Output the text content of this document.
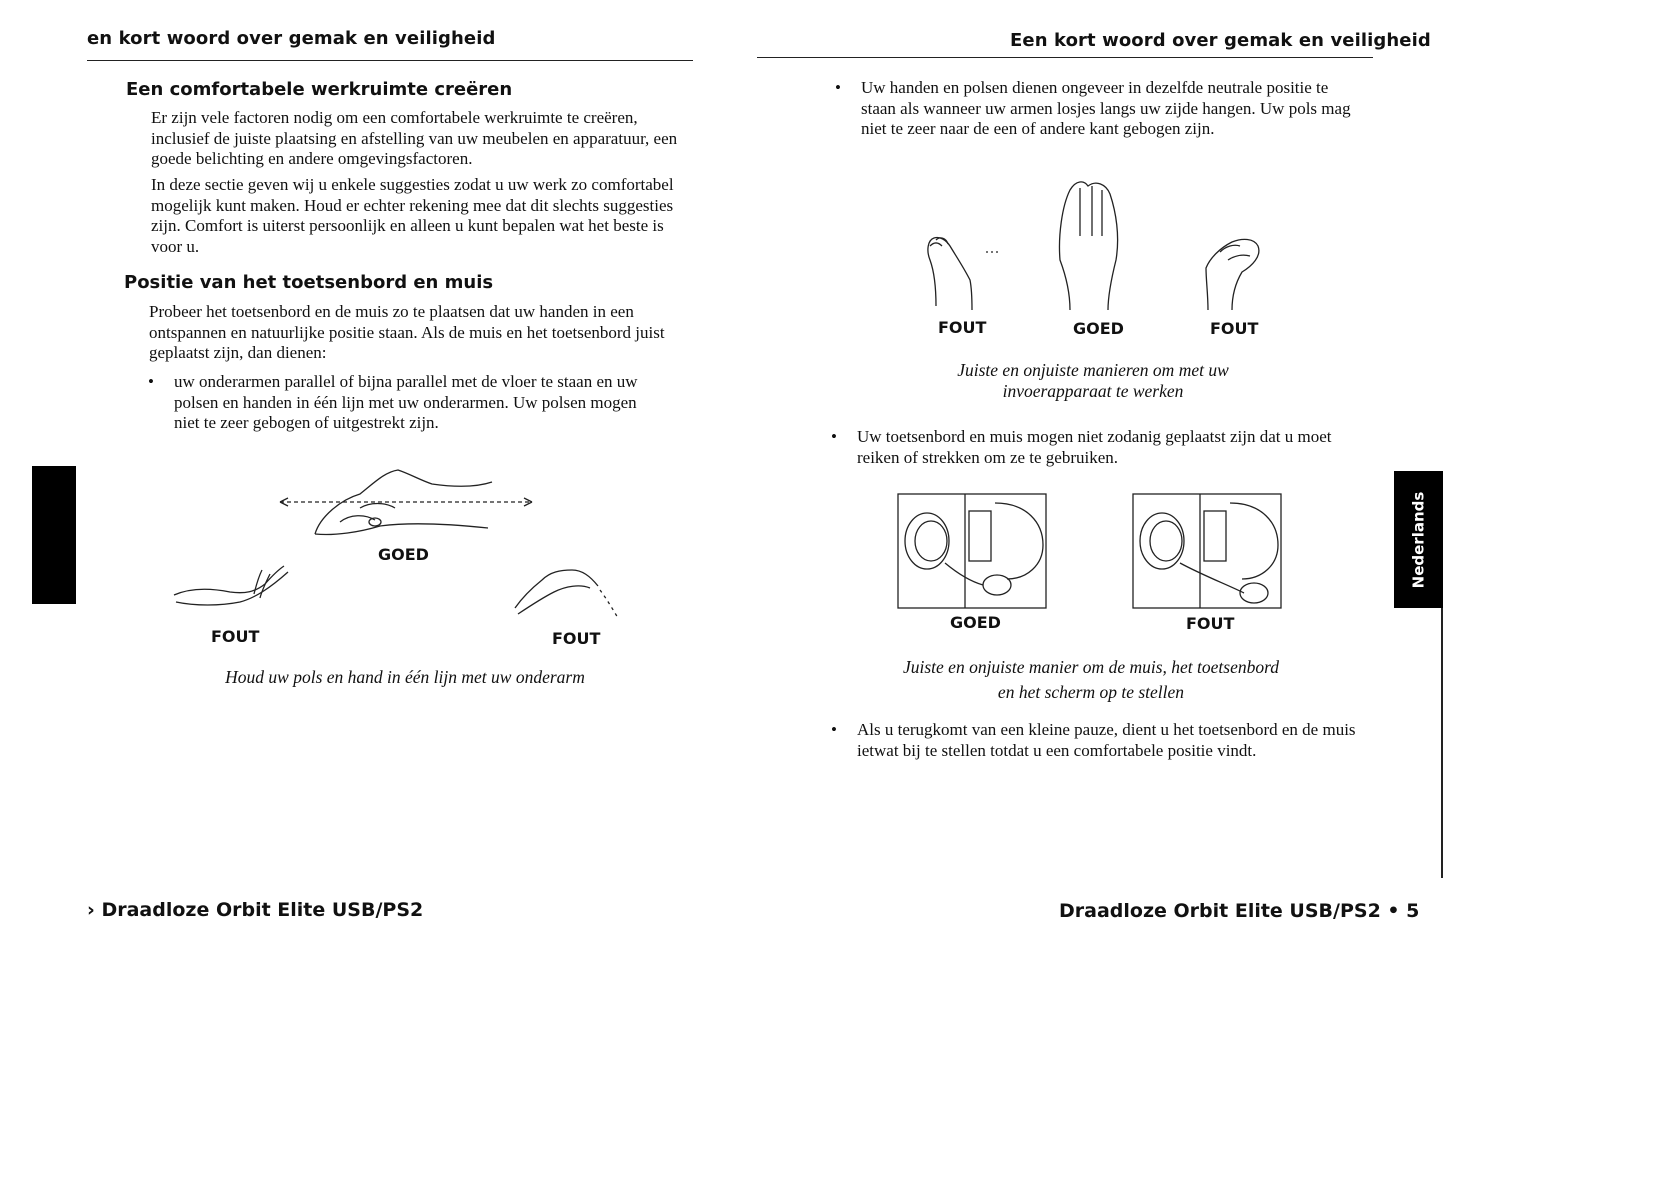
en kort woord over gemak en veiligheid
Een comfortabele werkruimte creëren
Er zijn vele factoren nodig om een comfortabele werkruimte te creëren, inclusief de juiste plaatsing en afstelling van uw meubelen en apparatuur, een goede belichting en andere omgevingsfactoren.
In deze sectie geven wij u enkele suggesties zodat u uw werk zo comfortabel mogelijk kunt maken. Houd er echter rekening mee dat dit slechts suggesties zijn. Comfort is uiterst persoonlijk en alleen u kunt bepalen wat het beste is voor u.
Positie van het toetsenbord en muis
Probeer het toetsenbord en de muis zo te plaatsen dat uw handen in een ontspannen en natuurlijke positie staan. Als de muis en het toetsenbord juist geplaatst zijn, dan dienen:
• uw onderarmen parallel of bijna parallel met de vloer te staan en uw polsen en handen in één lijn met uw onderarmen. Uw polsen mogen niet te zeer gebogen of uitgestrekt zijn.
GOED
FOUT	FOUT
Houd uw pols en hand in één lijn met uw onderarm
› Draadloze Orbit Elite USB/PS2
Een kort woord over gemak en veiligheid
• Uw handen en polsen dienen ongeveer in dezelfde neutrale positie te staan als wanneer uw armen losjes langs uw zijde hangen. Uw pols mag niet te zeer naar de een of andere kant gebogen zijn.
FOUT	GOED	FOUT
Juiste en onjuiste manieren om met uw
invoerapparaat te werken
• Uw toetsenbord en muis mogen niet zodanig geplaatst zijn dat u moet reiken of strekken om ze te gebruiken.
GOED	FOUT
Juiste en onjuiste manier om de muis, het toetsenbord
en het scherm op te stellen
• Als u terugkomt van een kleine pauze, dient u het toetsenbord en de muis ietwat bij te stellen totdat u een comfortabele positie vindt.
Nederlands
Draadloze Orbit Elite USB/PS2 • 5
